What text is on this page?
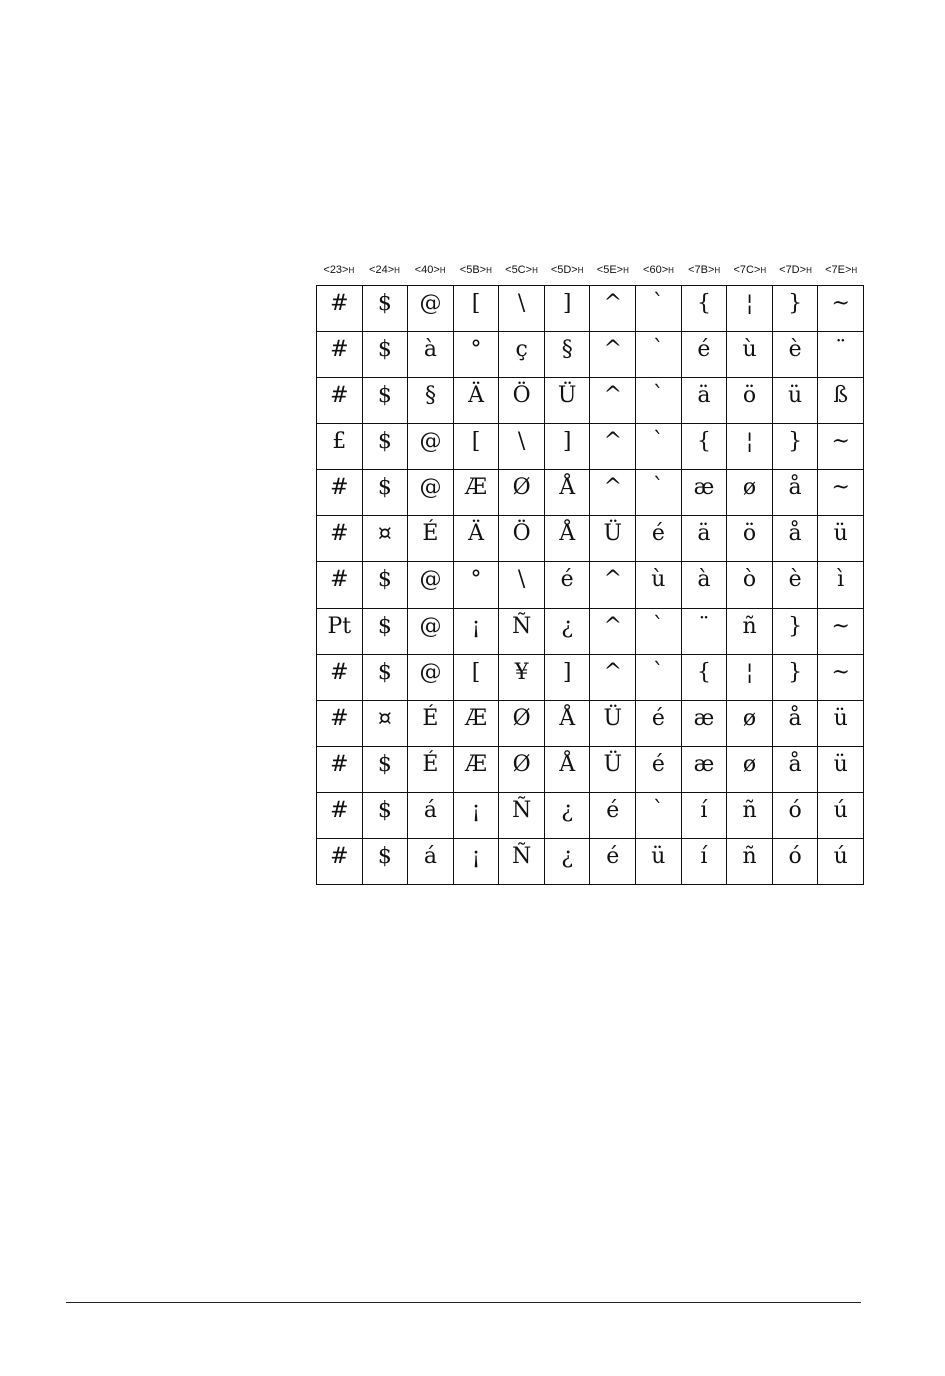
<23>H	<24>H	<40>H	<5B>H	<5C>H	<5D>H	<5E>H	<60>H	<7B>H	<7C>H	<7D>H	<7E>H
#	$	@	[	\	]	^	`	{	¦	}	~
#	$	à	°	ç	§	^	`	é	ù	è	¨
#	$	§	Ä	Ö	Ü	^	`	ä	ö	ü	ß
£	$	@	[	\	]	^	`	{	¦	}	~
#	$	@	Æ	Ø	Å	^	`	æ	ø	å	~
#	¤	É	Ä	Ö	Å	Ü	é	ä	ö	å	ü
#	$	@	°	\	é	^	ù	à	ò	è	ì
Pt	$	@	¡	Ñ	¿	^	`	¨	ñ	}	~
#	$	@	[	¥	]	^	`	{	¦	}	~
#	¤	É	Æ	Ø	Å	Ü	é	æ	ø	å	ü
#	$	É	Æ	Ø	Å	Ü	é	æ	ø	å	ü
#	$	á	¡	Ñ	¿	é	`	í	ñ	ó	ú
#	$	á	¡	Ñ	¿	é	ü	í	ñ	ó	ú
